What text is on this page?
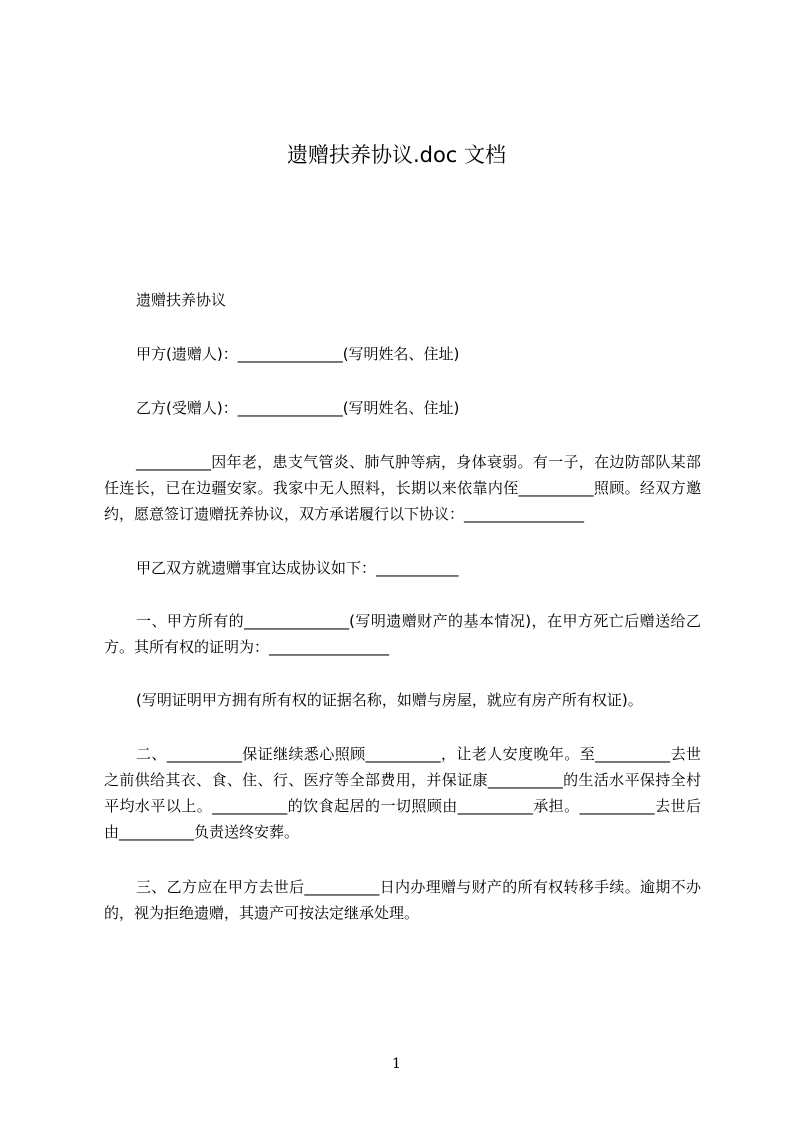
遗赠扶养协议.doc 文档

遗赠扶养协议

甲方(遗赠人)：______________(写明姓名、住址)

乙方(受赠人)：______________(写明姓名、住址)

__________因年老，患支气管炎、肺气肿等病，身体衰弱。有一子，在边防部队某部任连长，已在边疆安家。我家中无人照料，长期以来依靠内侄__________照顾。经双方邀约，愿意签订遗赠抚养协议，双方承诺履行以下协议：________________

甲乙双方就遗赠事宜达成协议如下：___________

一、甲方所有的______________(写明遗赠财产的基本情况)，在甲方死亡后赠送给乙方。其所有权的证明为：________________

(写明证明甲方拥有所有权的证据名称，如赠与房屋，就应有房产所有权证)。

二、__________保证继续悉心照顾__________，让老人安度晚年。至__________去世之前供给其衣、食、住、行、医疗等全部费用，并保证康__________的生活水平保持全村平均水平以上。__________的饮食起居的一切照顾由__________承担。__________去世后由__________负责送终安葬。

三、乙方应在甲方去世后__________日内办理赠与财产的所有权转移手续。逾期不办的，视为拒绝遗赠，其遗产可按法定继承处理。

1
